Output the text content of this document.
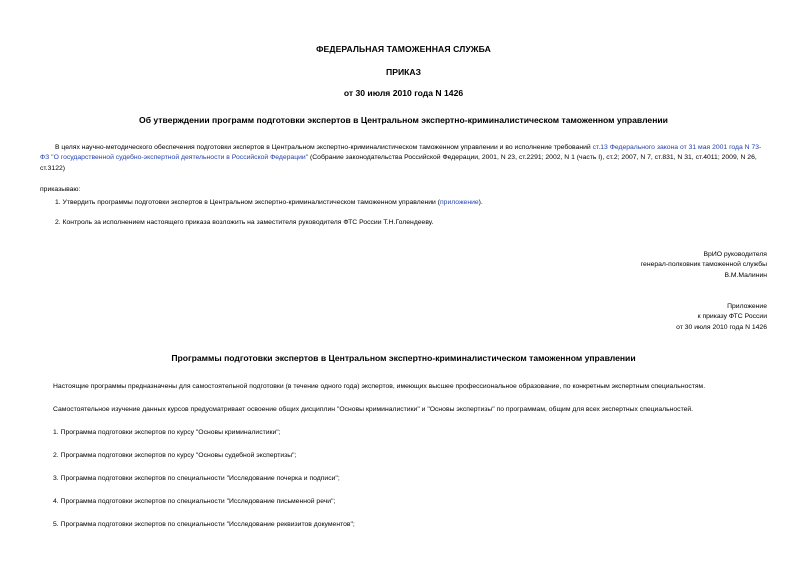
ФЕДЕРАЛЬНАЯ ТАМОЖЕННАЯ СЛУЖБА
ПРИКАЗ
от 30 июля 2010 года N 1426
Об утверждении программ подготовки экспертов в Центральном экспертно-криминалистическом таможенном управлении
В целях научно-методического обеспечения подготовки экспертов в Центральном экспертно-криминалистическом таможенном управлении и во исполнение требований ст.13 Федерального закона от 31 мая 2001 года N 73-ФЗ "О государственной судебно-экспертной деятельности в Российской Федерации" (Собрание законодательства Российской Федерации, 2001, N 23, ст.2291; 2002, N 1 (часть I), ст.2; 2007, N 7, ст.831, N 31, ст.4011; 2009, N 26, ст.3122)
приказываю:
1. Утвердить программы подготовки экспертов в Центральном экспертно-криминалистическом таможенном управлении (приложение).
2. Контроль за исполнением настоящего приказа возложить на заместителя руководителя ФТС России Т.Н.Голендееву.
ВрИО руководителя
генерал-полковник таможенной службы
В.М.Малинин
Приложение
к приказу ФТС России
от 30 июля 2010 года N 1426
Программы подготовки экспертов в Центральном экспертно-криминалистическом таможенном управлении
Настоящие программы предназначены для самостоятельной подготовки (в течение одного года) экспертов, имеющих высшее профессиональное образование, по конкретным экспертным специальностям.
Самостоятельное изучение данных курсов предусматривает освоение общих дисциплин "Основы криминалистики" и "Основы экспертизы" по программам, общим для всех экспертных специальностей.
1. Программа подготовки экспертов по курсу "Основы криминалистики";
2. Программа подготовки экспертов по курсу "Основы судебной экспертизы";
3. Программа подготовки экспертов по специальности "Исследование почерка и подписи";
4. Программа подготовки экспертов по специальности "Исследование письменной речи";
5. Программа подготовки экспертов по специальности "Исследование реквизитов документов";
